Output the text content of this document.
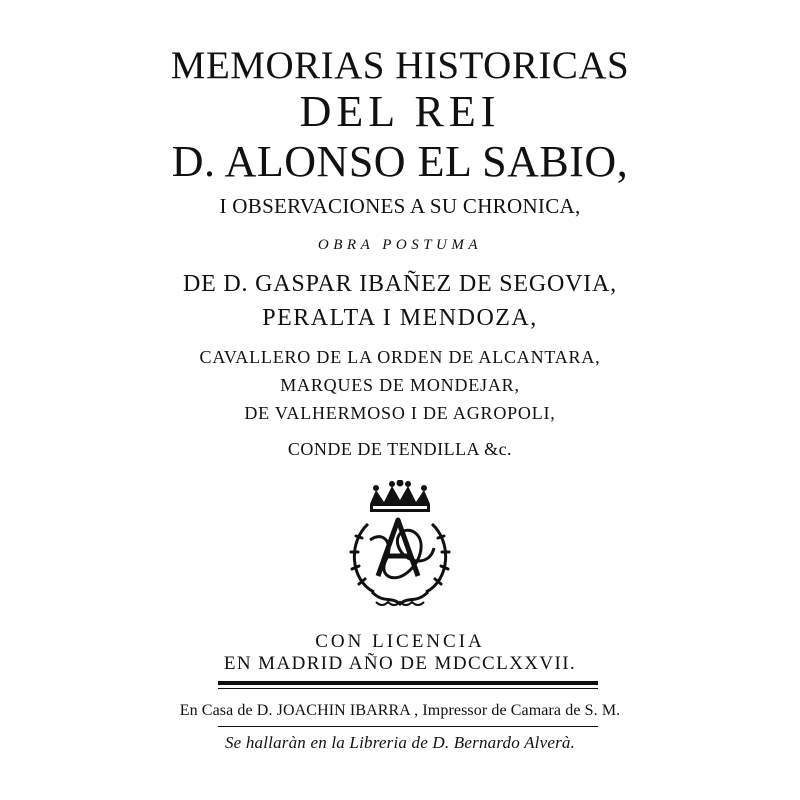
MEMORIAS HISTORICAS
DEL REI
D. ALONSO EL SABIO,
I OBSERVACIONES A SU CHRONICA,
OBRA POSTUMA
DE D. GASPAR IBAÑEZ DE SEGOVIA,
PERALTA I MENDOZA,
CAVALLERO DE LA ORDEN DE ALCANTARA,
MARQUES DE MONDEJAR,
DE VALHERMOSO I DE AGROPOLI,
CONDE DE TENDILLA &c.
CON LICENCIA
EN MADRID AÑO DE MDCCLXXVII.
En Casa de D. JOACHIN IBARRA , Impressor de Camara de S. M.
Se hallaràn en la Libreria de D. Bernardo Alverà.
